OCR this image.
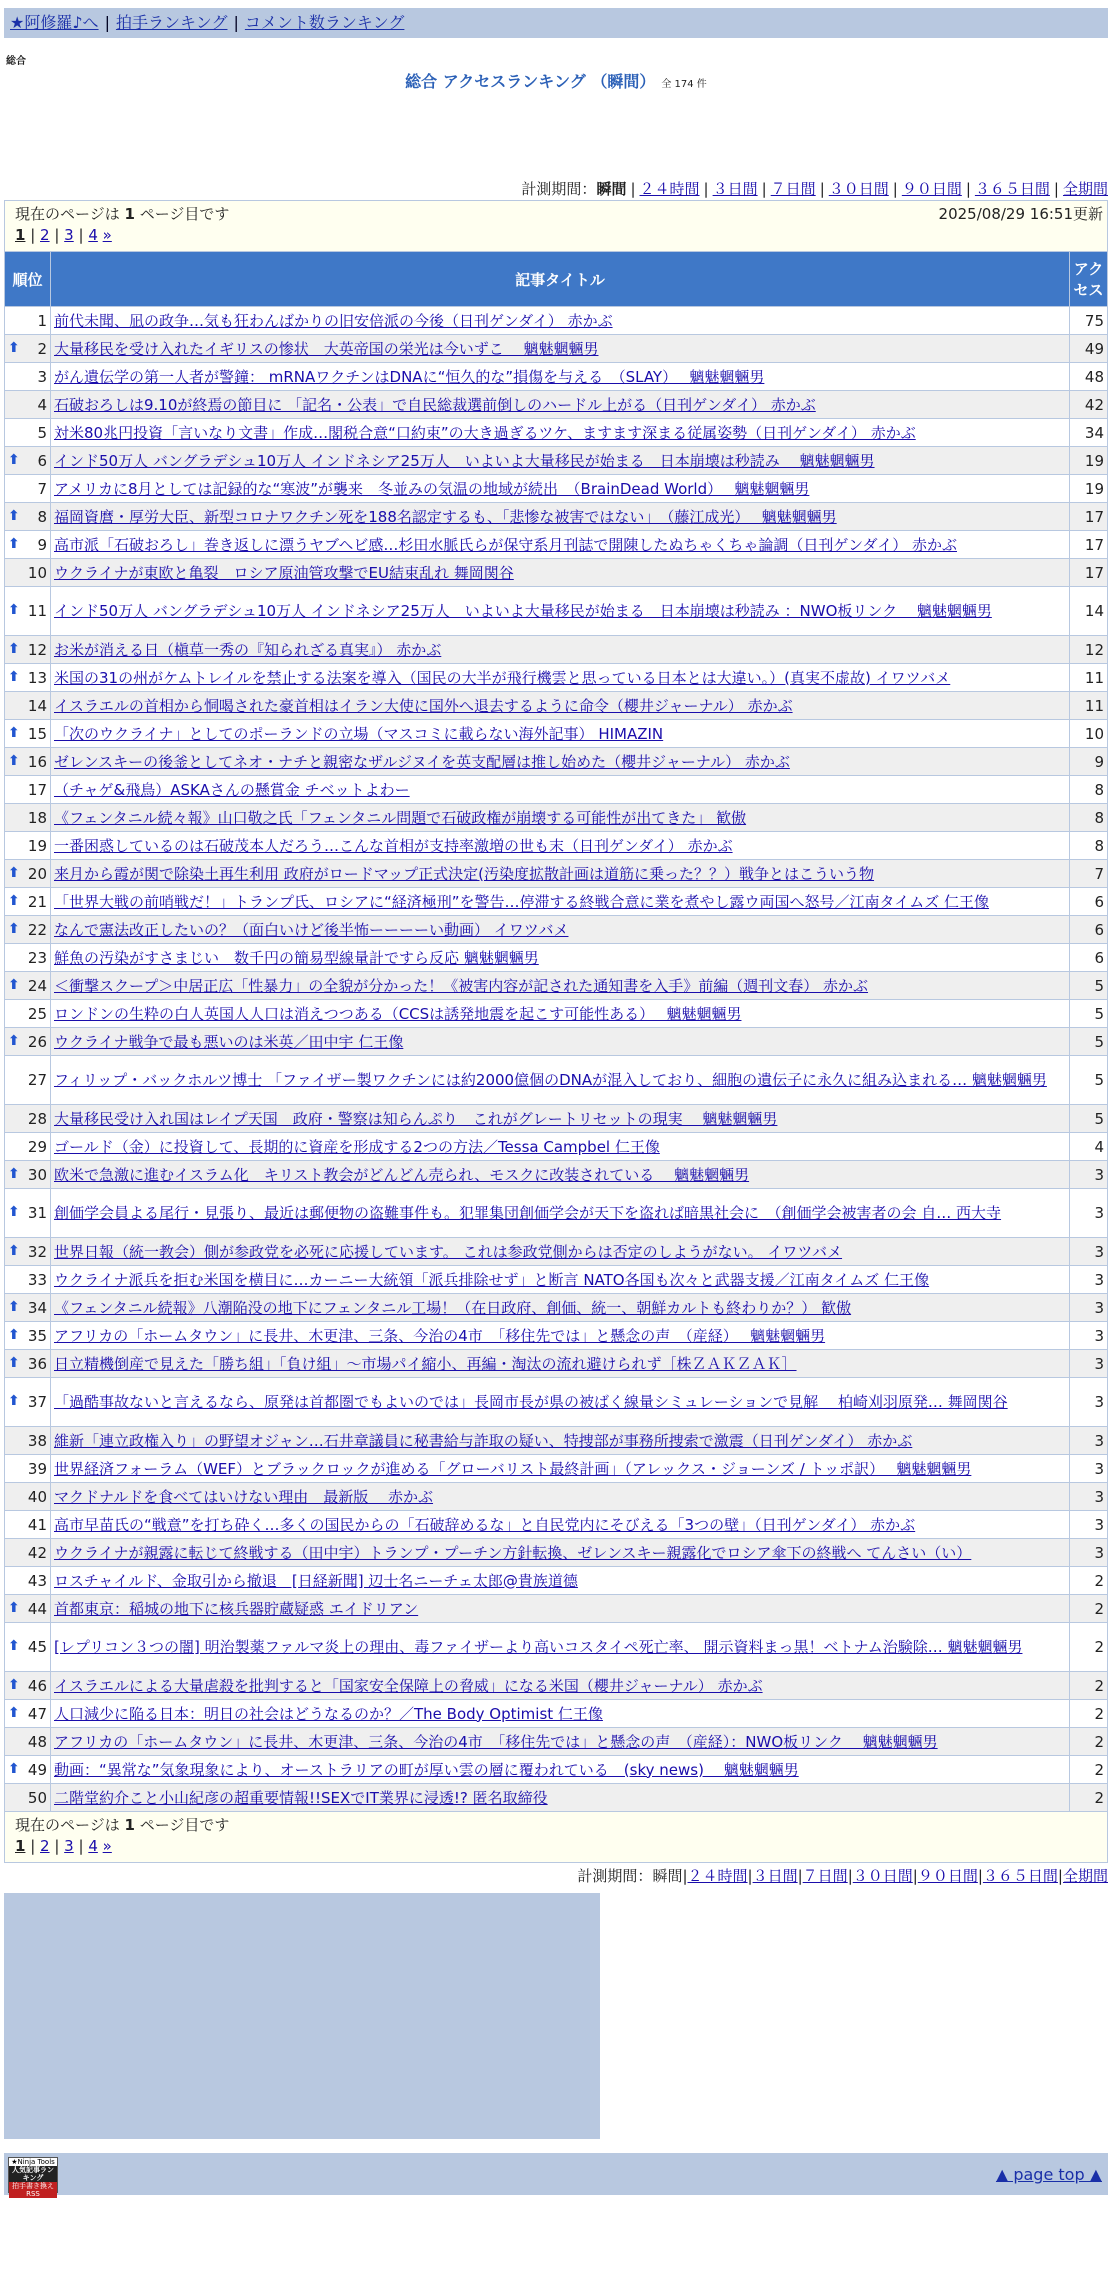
★阿修羅♪へ | 拍手ランキング | コメント数ランキング
総合
総合 アクセスランキング （瞬間） 全 174 件
計測期間：瞬間 | ２４時間 | ３日間 | ７日間 | ３０日間 | ９０日間 | ３６５日間 | 全期間
現在のページは 1 ページ目です	2025/08/29 16:51更新
1 | 2 | 3 | 4 »
順位	記事タイトル	アクセス
1	前代未聞、凪の政争…気も狂わんばかりの旧安倍派の今後（日刊ゲンダイ） 赤かぶ	75

⬆ 2	大量移民を受け入れたイギリスの惨状　大英帝国の栄光は今いずこ　 魑魅魍魎男	49
3	がん遺伝学の第一人者が警鐘： mRNAワクチンはDNAに“恒久的な”損傷を与える　（SLAY）　 魑魅魍魎男	48
4	石破おろしは9.10が終焉の節目に 「記名・公表」で自民総裁選前倒しのハードル上がる（日刊ゲンダイ） 赤かぶ	42
5	対米80兆円投資「言いなり文書」作成…閣税合意“口約束”の大き過ぎるツケ、ますます深まる従属姿勢（日刊ゲンダイ） 赤かぶ	34

⬆ 6	インド50万人 バングラデシュ10万人 インドネシア25万人　いよいよ大量移民が始まる　日本崩壊は秒読み　 魑魅魍魎男	19
7	アメリカに8月としては記録的な“寒波”が襲来　冬並みの気温の地域が続出　（BrainDead World）　 魑魅魍魎男	19

⬆ 8	福岡資麿・厚労大臣、新型コロナワクチン死を188名認定するも、「悲惨な被害ではない」　（藤江成光）　 魑魅魍魎男	17

⬆ 9	高市派「石破おろし」巻き返しに漂うヤブヘビ感…杉田水脈氏らが保守系月刊誌で開陳したぬちゃくちゃ論調（日刊ゲンダイ） 赤かぶ	17
10	ウクライナが東欧と亀裂　ロシア原油管攻撃でEU結束乱れ 舞岡関谷	17

⬆ 11	インド50万人 バングラデシュ10万人 インドネシア25万人　いよいよ大量移民が始まる　日本崩壊は秒読み ：NWO板リンク　 魑魅魍魎男	14

⬆ 12	お米が消える日（槇草一秀の『知られざる真実』） 赤かぶ	12

⬆ 13	米国の31の州がケムトレイルを禁止する法案を導入（国民の大半が飛行機雲と思っている日本とは大違い。）(真実不虚故) イワツバメ	11
14	イスラエルの首相から恫喝された豪首相はイラン大使に国外へ退去するように命令（櫻井ジャーナル） 赤かぶ	11

⬆ 15	「次のウクライナ」としてのポーランドの立場（マスコミに載らない海外記事） HIMAZIN	10

⬆ 16	ゼレンスキーの後釜としてネオ・ナチと親密なザルジヌイを英支配層は推し始めた（櫻井ジャーナル） 赤かぶ	9
17	（チャゲ&飛鳥）ASKAさんの懸賞金 チベットよわー	8
18	《フェンタニル続々報》山口敬之氏「フェンタニル問題で石破政権が崩壊する可能性が出てきた」 歓傲	8
19	一番困惑しているのは石破茂本人だろう…こんな首相が支持率激増の世も末（日刊ゲンダイ） 赤かぶ	8

⬆ 20	来月から霞が関で除染土再生利用 政府がロードマップ正式決定(汚染度拡散計画は道筋に乗った？？）戦争とはこういう物	7

⬆ 21	「世界大戦の前哨戦だ！」トランプ氏、ロシアに“経済極刑”を警告…停滞する終戦合意に業を煮やし露ウ両国へ怒号／江南タイムズ 仁王像	6

⬆ 22	なんで憲法改正したいの？（面白いけど後半怖ーーーーい動画） イワツバメ	6
23	鮮魚の汚染がすさまじい　数千円の簡易型線量計ですら反応 魑魅魍魎男	6

⬆ 24	＜衝撃スクープ＞中居正広「性暴力」の全貌が分かった！《被害内容が記された通知書を入手》前編（週刊文春） 赤かぶ	5
25	ロンドンの生粋の白人英国人人口は消えつつある（CCSは誘発地震を起こす可能性ある）　 魑魅魍魎男	5

⬆ 26	ウクライナ戦争で最も悪いのは米英／田中宇 仁王像	5
27	フィリップ・バックホルツ博士 「ファイザー製ワクチンには約2000億個のDNAが混入しており、細胞の遺伝子に永久に組み込まれる… 魑魅魍魎男	5
28	大量移民受け入れ国はレイプ天国　政府・警察は知らんぷり　これがグレートリセットの現実　 魑魅魍魎男	5
29	ゴールド（金）に投資して、長期的に資産を形成する2つの方法／Tessa Campbel 仁王像	4

⬆ 30	欧米で急激に進むイスラム化　キリスト教会がどんどん売られ、モスクに改装されている　 魑魅魍魎男	3

⬆ 31	創価学会員よる尾行・見張り、最近は郵便物の盗難事件も。犯罪集団創価学会が天下を盗れば暗黒社会に　（創価学会被害者の会 自… 西大寺	3

⬆ 32	世界日報（統一教会）側が参政党を必死に応援しています。 これは参政党側からは否定のしようがない。 イワツバメ	3
33	ウクライナ派兵を拒む米国を横目に…カーニー大統領「派兵排除せず」と断言 NATO各国も次々と武器支援／江南タイムズ 仁王像	3

⬆ 34	《フェンタニル続報》八潮陥没の地下にフェンタニル工場！（在日政府、創価、統一、朝鮮カルトも終わりか？） 歓傲	3

⬆ 35	アフリカの「ホームタウン」に長井、木更津、三条、今治の4市　「移住先では」と懸念の声　（産経）　 魑魅魍魎男	3

⬆ 36	日立精機倒産で見えた「勝ち組」「負け組」～市場パイ縮小、再編・淘汰の流れ避けられず［株ＺＡＫＺＡＫ］	3

⬆ 37	「過酷事故ないと言えるなら、原発は首都圏でもよいのでは」長岡市長が県の被ばく線量シミュレーションで見解　 柏崎刈羽原発… 舞岡関谷	3
38	維新「連立政権入り」の野望オジャン…石井章議員に秘書給与詐取の疑い、特捜部が事務所捜索で激震（日刊ゲンダイ） 赤かぶ	3
39	世界経済フォーラム（WEF）とブラックロックが進める「グローバリスト最終計画」（アレックス・ジョーンズ / トッポ訳）　 魑魅魍魎男	3
40	マクドナルドを食べてはいけない理由　最新版　 赤かぶ	3
41	高市早苗氏の“戦意”を打ち砕く…多くの国民からの「石破辞めるな」と自民党内にそびえる「3つの壁」（日刊ゲンダイ） 赤かぶ	3
42	ウクライナが親露に転じて終戦する（田中宇）トランプ・プーチン方針転換、ゼレンスキー親露化でロシア傘下の終戦へ てんさい（い）	3
43	ロスチャイルド、金取引から撤退　[日経新聞] 辺士名ニーチェ太郎@貴族道德	2

⬆ 44	首都東京：稲城の地下に核兵器貯蔵疑惑 エイドリアン	2

⬆ 45	[レプリコン３つの闇] 明治製薬ファルマ炎上の理由、毒ファイザーより高いコスタイペ死亡率、 開示資料まっ黒！ベトナム治験除… 魑魅魍魎男	2

⬆ 46	イスラエルによる大量虐殺を批判すると「国家安全保障上の脅威」になる米国（櫻井ジャーナル） 赤かぶ	2

⬆ 47	人口減少に陥る日本：明日の社会はどうなるのか？／The Body Optimist 仁王像	2
48	アフリカの「ホームタウン」に長井、木更津、三条、今治の4市　「移住先では」と懸念の声　（産経）：NWO板リンク　 魑魅魍魎男	2

⬆ 49	動画：“異常な”気象現象により、オーストラリアの町が厚い雲の層に覆われている　(sky news)　 魑魅魍魎男	2
50	二階堂約介こと小山紀彦の超重要情報!!SEXでIT業界に浸透!? 匿名取締役	2
現在のページは 1 ページ目です
1 | 2 | 3 | 4 »
計測期間：瞬間|２４時間|３日間|７日間|３０日間|９０日間|３６５日間|全期間
★Ninja Tools
人気記事ランキング
拍手書き換えRSS
▲ page top ▲
